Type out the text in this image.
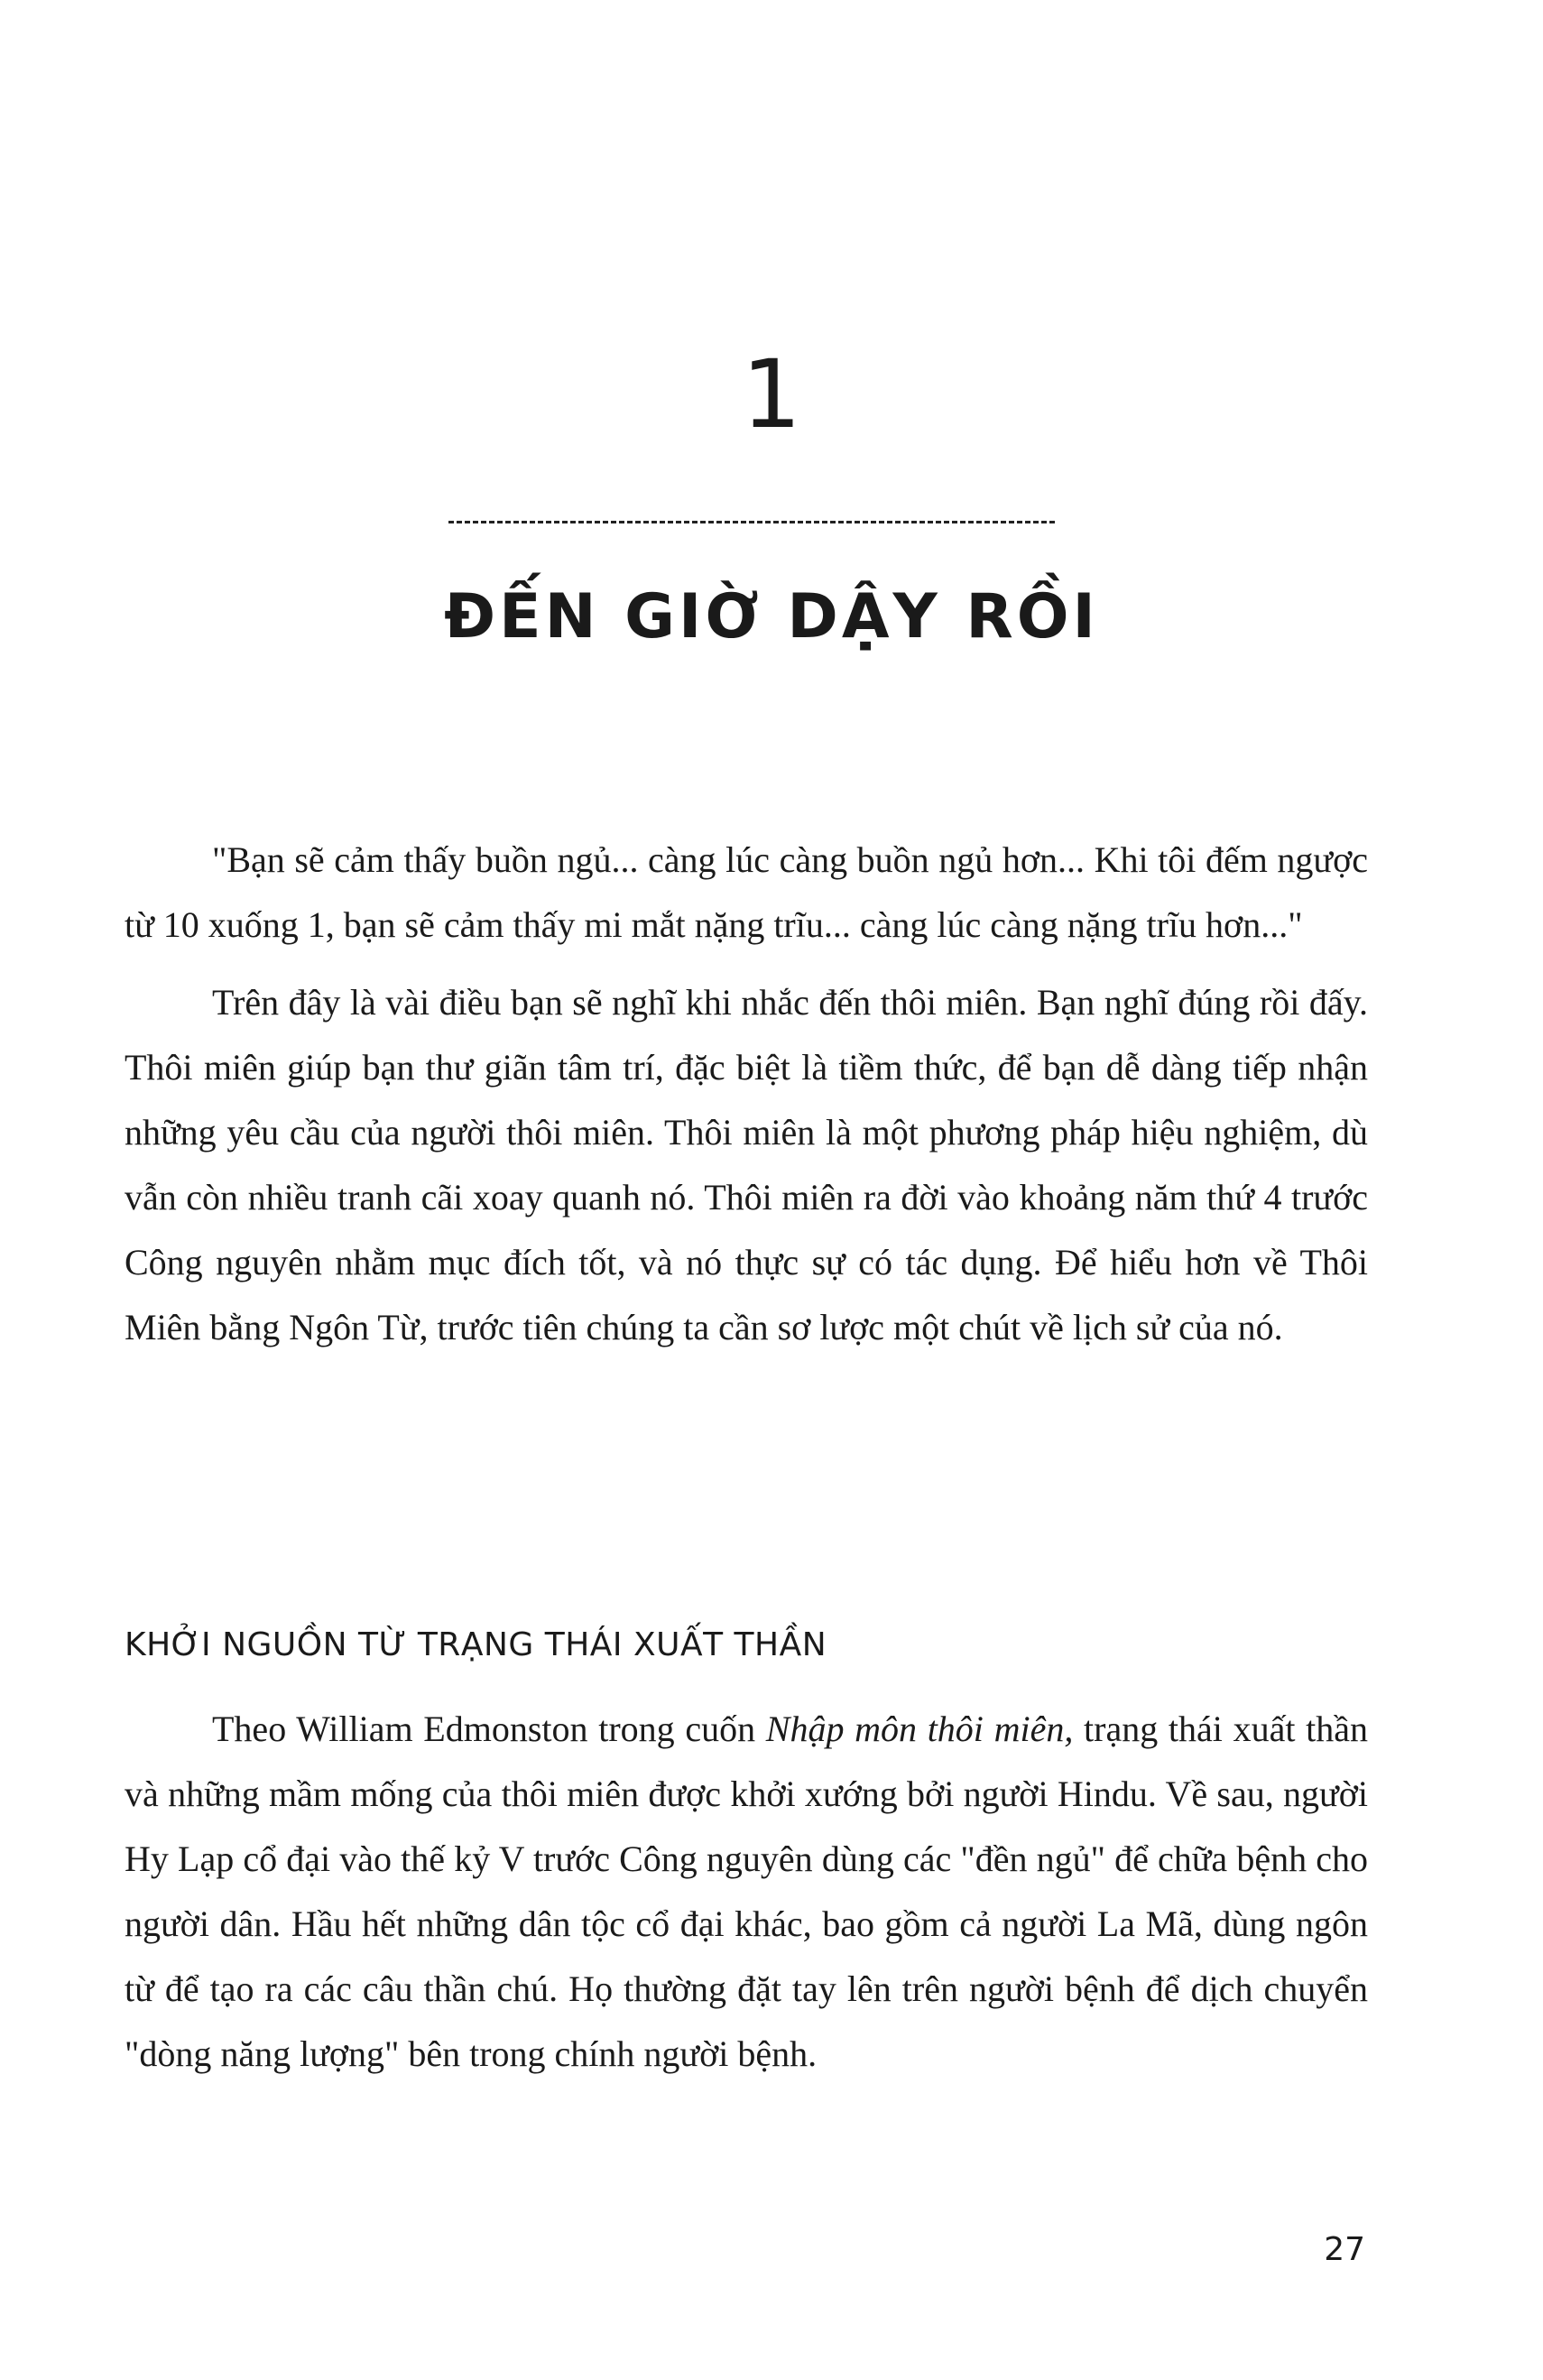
1
ĐẾN GIỜ DẬY RỒI

"Bạn sẽ cảm thấy buồn ngủ... càng lúc càng buồn ngủ hơn... Khi tôi đếm ngược từ 10 xuống 1, bạn sẽ cảm thấy mi mắt nặng trĩu... càng lúc càng nặng trĩu hơn..."

Trên đây là vài điều bạn sẽ nghĩ khi nhắc đến thôi miên. Bạn nghĩ đúng rồi đấy. Thôi miên giúp bạn thư giãn tâm trí, đặc biệt là tiềm thức, để bạn dễ dàng tiếp nhận những yêu cầu của người thôi miên. Thôi miên là một phương pháp hiệu nghiệm, dù vẫn còn nhiều tranh cãi xoay quanh nó. Thôi miên ra đời vào khoảng năm thứ 4 trước Công nguyên nhằm mục đích tốt, và nó thực sự có tác dụng. Để hiểu hơn về Thôi Miên bằng Ngôn Từ, trước tiên chúng ta cần sơ lược một chút về lịch sử của nó.

KHỞI NGUỒN TỪ TRẠNG THÁI XUẤT THẦN

Theo William Edmonston trong cuốn Nhập môn thôi miên, trạng thái xuất thần và những mầm mống của thôi miên được khởi xướng bởi người Hindu. Về sau, người Hy Lạp cổ đại vào thế kỷ V trước Công nguyên dùng các "đền ngủ" để chữa bệnh cho người dân. Hầu hết những dân tộc cổ đại khác, bao gồm cả người La Mã, dùng ngôn từ để tạo ra các câu thần chú. Họ thường đặt tay lên trên người bệnh để dịch chuyển "dòng năng lượng" bên trong chính người bệnh.

27
